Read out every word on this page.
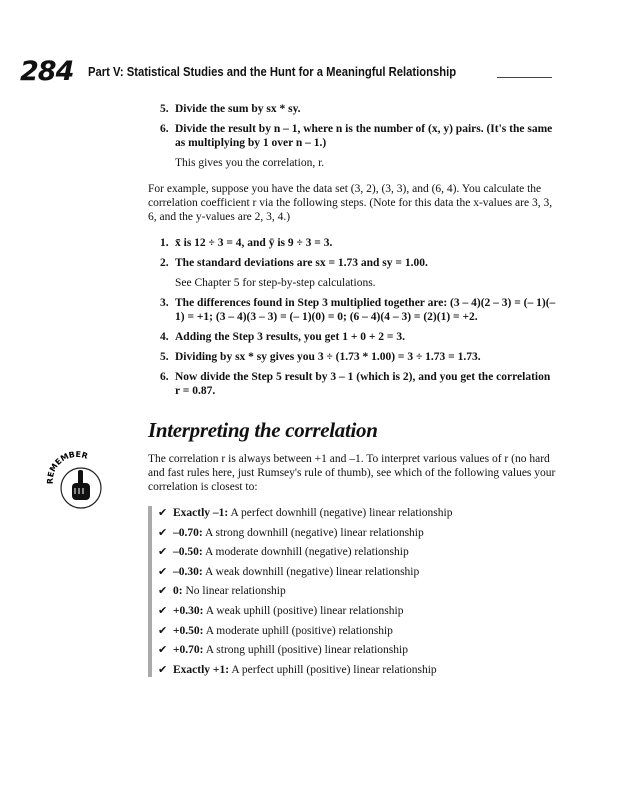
284 Part V: Statistical Studies and the Hunt for a Meaningful Relationship
5. Divide the sum by sx * sy.
6. Divide the result by n – 1, where n is the number of (x, y) pairs. (It's the same as multiplying by 1 over n – 1.)
This gives you the correlation, r.
For example, suppose you have the data set (3, 2), (3, 3), and (6, 4). You calculate the correlation coefficient r via the following steps. (Note for this data the x-values are 3, 3, 6, and the y-values are 2, 3, 4.)
1. x̄ is 12 ÷ 3 = 4, and ȳ is 9 ÷ 3 = 3.
2. The standard deviations are sx = 1.73 and sy = 1.00.
See Chapter 5 for step-by-step calculations.
3. The differences found in Step 3 multiplied together are: (3 – 4)(2 – 3) = (– 1)(– 1) = +1; (3 – 4)(3 – 3) = (– 1)(0) = 0; (6 – 4)(4 – 3) = (2)(1) = +2.
4. Adding the Step 3 results, you get 1 + 0 + 2 = 3.
5. Dividing by sx * sy gives you 3 ÷ (1.73 * 1.00) = 3 ÷ 1.73 = 1.73.
6. Now divide the Step 5 result by 3 – 1 (which is 2), and you get the correlation r = 0.87.
Interpreting the correlation
REMEMBER	The correlation r is always between +1 and –1. To interpret various values of r (no hard and fast rules here, just Rumsey's rule of thumb), see which of the following values your correlation is closest to:
✔ Exactly –1: A perfect downhill (negative) linear relationship
✔ –0.70: A strong downhill (negative) linear relationship
✔ –0.50: A moderate downhill (negative) relationship
✔ –0.30: A weak downhill (negative) linear relationship
✔ 0: No linear relationship
✔ +0.30: A weak uphill (positive) linear relationship
✔ +0.50: A moderate uphill (positive) relationship
✔ +0.70: A strong uphill (positive) linear relationship
✔ Exactly +1: A perfect uphill (positive) linear relationship
